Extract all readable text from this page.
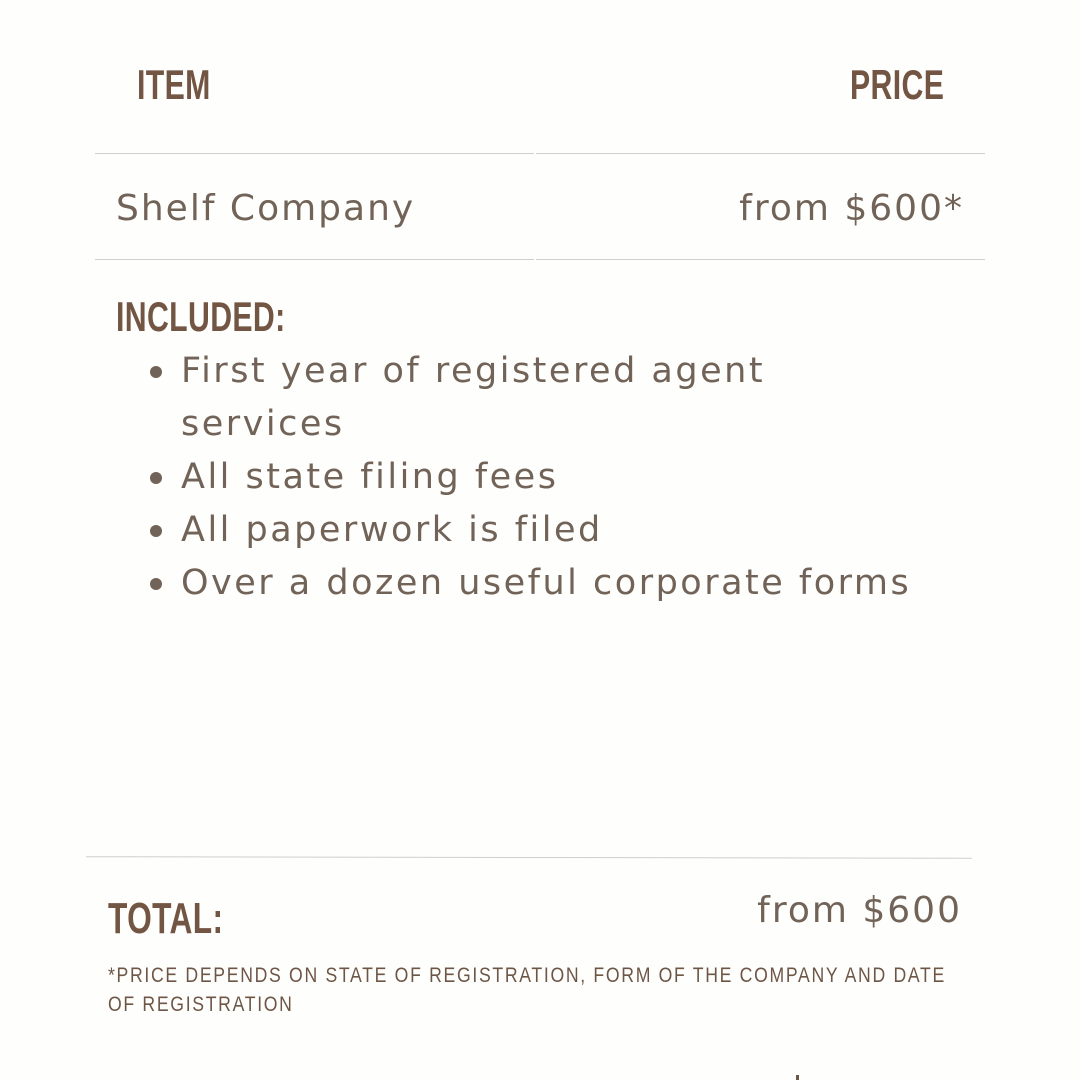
ITEM	PRICE
Shelf Company	from $600*
INCLUDED:
First year of registered agent services
All state filing fees
All paperwork is filed
Over a dozen useful corporate forms
TOTAL:	from $600
*PRICE DEPENDS ON STATE OF REGISTRATION, FORM OF THE COMPANY AND DATE OF REGISTRATION
